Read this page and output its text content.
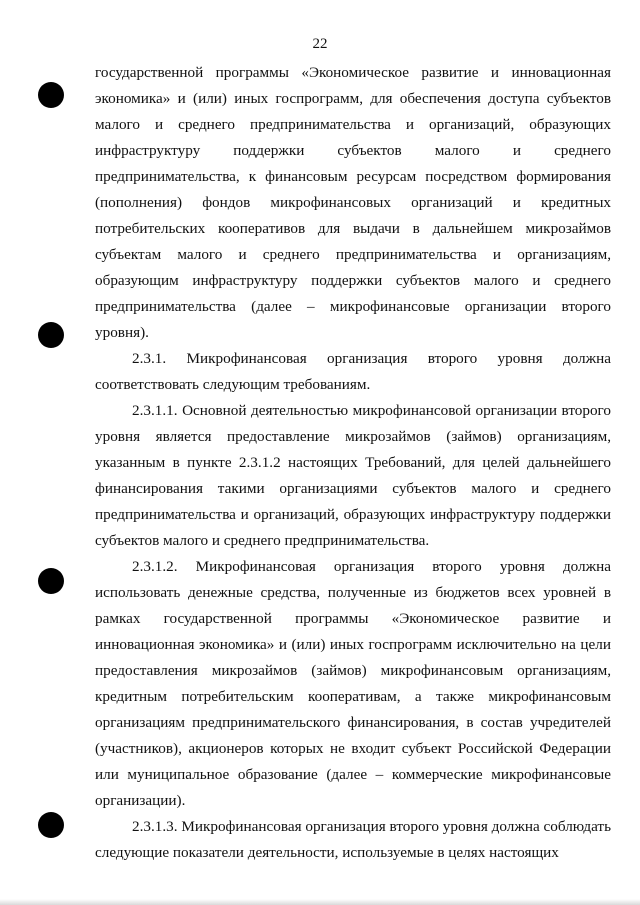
22

государственной программы «Экономическое развитие и инновационная экономика» и (или) иных госпрограмм, для обеспечения доступа субъектов малого и среднего предпринимательства и организаций, образующих инфраструктуру поддержки субъектов малого и среднего предпринимательства, к финансовым ресурсам посредством формирования (пополнения) фондов микрофинансовых организаций и кредитных потребительских кооперативов для выдачи в дальнейшем микрозаймов субъектам малого и среднего предпринимательства и организациям, образующим инфраструктуру поддержки субъектов малого и среднего предпринимательства (далее – микрофинансовые организации второго уровня).

2.3.1. Микрофинансовая организация второго уровня должна соответствовать следующим требованиям.

2.3.1.1. Основной деятельностью микрофинансовой организации второго уровня является предоставление микрозаймов (займов) организациям, указанным в пункте 2.3.1.2 настоящих Требований, для целей дальнейшего финансирования такими организациями субъектов малого и среднего предпринимательства и организаций, образующих инфраструктуру поддержки субъектов малого и среднего предпринимательства.

2.3.1.2. Микрофинансовая организация второго уровня должна использовать денежные средства, полученные из бюджетов всех уровней в рамках государственной программы «Экономическое развитие и инновационная экономика» и (или) иных госпрограмм исключительно на цели предоставления микрозаймов (займов) микрофинансовым организациям, кредитным потребительским кооперативам, а также микрофинансовым организациям предпринимательского финансирования, в состав учредителей (участников), акционеров которых не входит субъект Российской Федерации или муниципальное образование (далее – коммерческие микрофинансовые организации).

2.3.1.3. Микрофинансовая организация второго уровня должна соблюдать следующие показатели деятельности, используемые в целях настоящих
